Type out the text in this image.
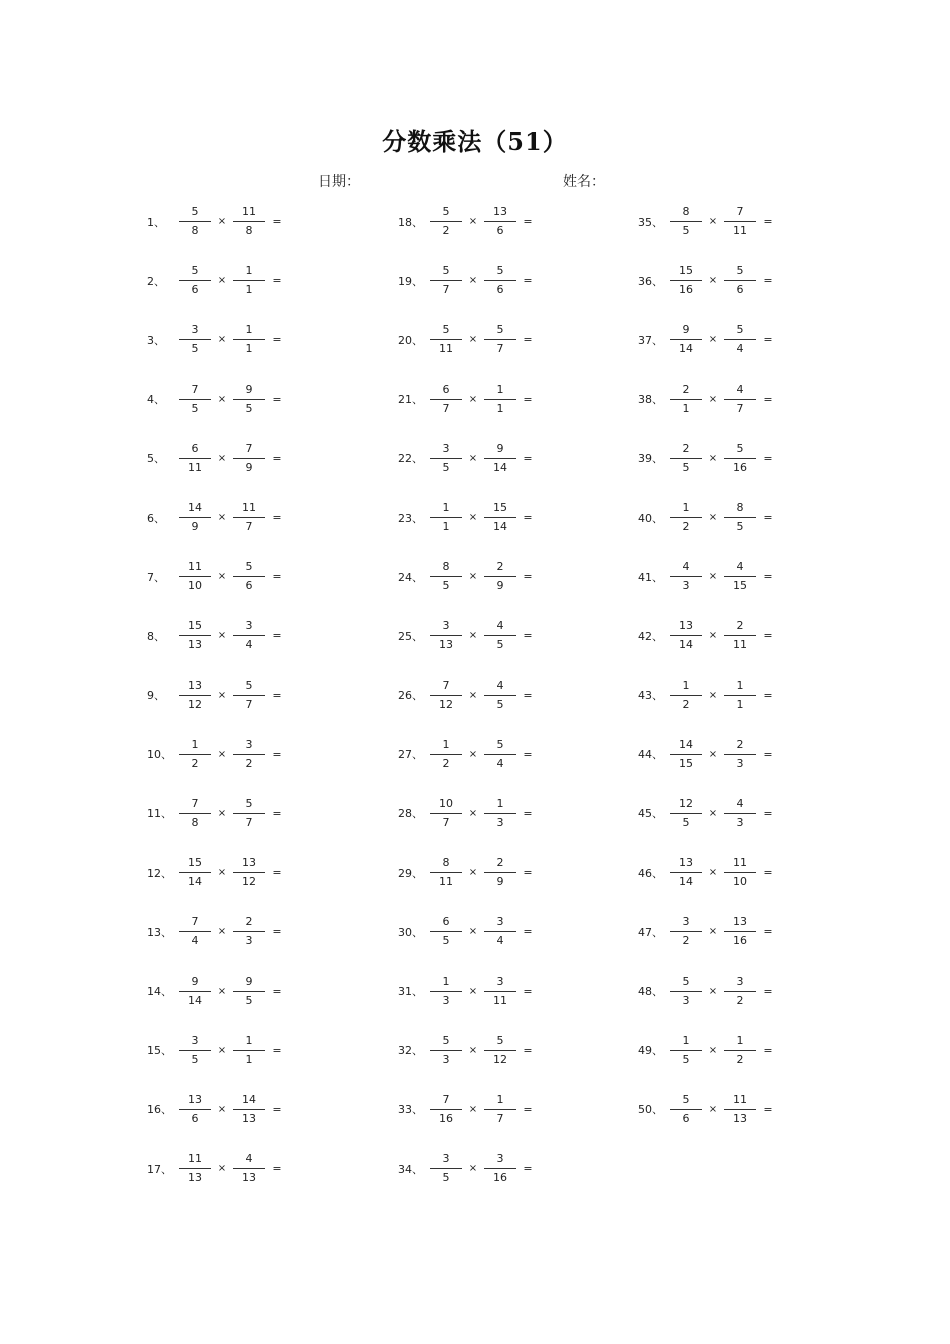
分数乘法（51）
日期：	姓名：
1、	$\frac{5}{8} \times \frac{11}{8}$ =
2、	$\frac{5}{6} \times \frac{1}{1}$ =
3、	$\frac{3}{5} \times \frac{1}{1}$ =
4、	$\frac{7}{5} \times \frac{9}{5}$ =
5、	$\frac{6}{11} \times \frac{7}{9}$ =
6、	$\frac{14}{9} \times \frac{11}{7}$ =
7、	$\frac{11}{10} \times \frac{5}{6}$ =
8、	$\frac{15}{13} \times \frac{3}{4}$ =
9、	$\frac{13}{12} \times \frac{5}{7}$ =
10、 $\frac{1}{2} \times \frac{3}{2}$ =
11、 $\frac{7}{8} \times \frac{5}{7}$ =
12、 $\frac{15}{14} \times \frac{13}{12}$ =
13、 $\frac{7}{4} \times \frac{2}{3}$ =
14、 $\frac{9}{14} \times \frac{9}{5}$ =
15、 $\frac{3}{5} \times \frac{1}{1}$ =
16、 $\frac{13}{6} \times \frac{14}{13}$ =
17、 $\frac{11}{13} \times \frac{4}{13}$ =
18、 $\frac{5}{2} \times \frac{13}{6}$ =
19、 $\frac{5}{7} \times \frac{5}{6}$ =
20、 $\frac{5}{11} \times \frac{5}{7}$ =
21、 $\frac{6}{7} \times \frac{1}{1}$ =
22、 $\frac{3}{5} \times \frac{9}{14}$ =
23、 $\frac{1}{1} \times \frac{15}{14}$ =
24、 $\frac{8}{5} \times \frac{2}{9}$ =
25、 $\frac{3}{13} \times \frac{4}{5}$ =
26、 $\frac{7}{12} \times \frac{4}{5}$ =
27、 $\frac{1}{2} \times \frac{5}{4}$ =
28、 $\frac{10}{7} \times \frac{1}{3}$ =
29、 $\frac{8}{11} \times \frac{2}{9}$ =
30、 $\frac{6}{5} \times \frac{3}{4}$ =
31、 $\frac{1}{3} \times \frac{3}{11}$ =
32、 $\frac{5}{3} \times \frac{5}{12}$ =
33、 $\frac{7}{16} \times \frac{1}{7}$ =
34、 $\frac{3}{5} \times \frac{3}{16}$ =
35、 $\frac{8}{5} \times \frac{7}{11}$ =
36、 $\frac{15}{16} \times \frac{5}{6}$ =
37、 $\frac{9}{14} \times \frac{5}{4}$ =
38、 $\frac{2}{1} \times \frac{4}{7}$ =
39、 $\frac{2}{5} \times \frac{5}{16}$ =
40、 $\frac{1}{2} \times \frac{8}{5}$ =
41、 $\frac{4}{3} \times \frac{4}{15}$ =
42、 $\frac{13}{14} \times \frac{2}{11}$ =
43、 $\frac{1}{2} \times \frac{1}{1}$ =
44、 $\frac{14}{15} \times \frac{2}{3}$ =
45、 $\frac{12}{5} \times \frac{4}{3}$ =
46、 $\frac{13}{14} \times \frac{11}{10}$ =
47、 $\frac{3}{2} \times \frac{13}{16}$ =
48、 $\frac{5}{3} \times \frac{3}{2}$ =
49、 $\frac{1}{5} \times \frac{1}{2}$ =
50、 $\frac{5}{6} \times \frac{11}{13}$ =
